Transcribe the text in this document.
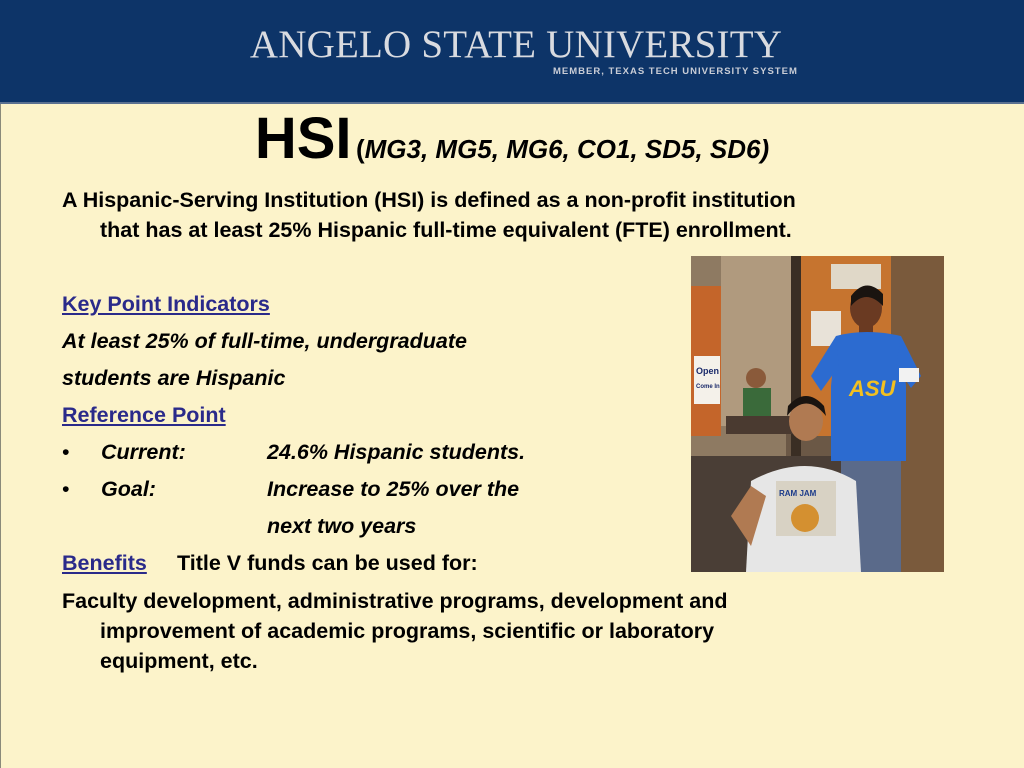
ANGELO STATE UNIVERSITY
MEMBER, TEXAS TECH UNIVERSITY SYSTEM
HSI (MG3, MG5, MG6, CO1, SD5, SD6)
A Hispanic-Serving Institution (HSI) is defined as a non-profit institution
that has at least 25% Hispanic full-time equivalent (FTE) enrollment.
Key Point Indicators
At least 25% of full-time, undergraduate
students are Hispanic
Reference Point
• Current:	24.6% Hispanic students.
• Goal:	Increase to 25% over the
next two years
Benefits Title V funds can be used for:
Faculty development, administrative programs, development and
improvement of academic programs, scientific or laboratory
equipment, etc.
Open
Come In	ASU
RAM JAM
